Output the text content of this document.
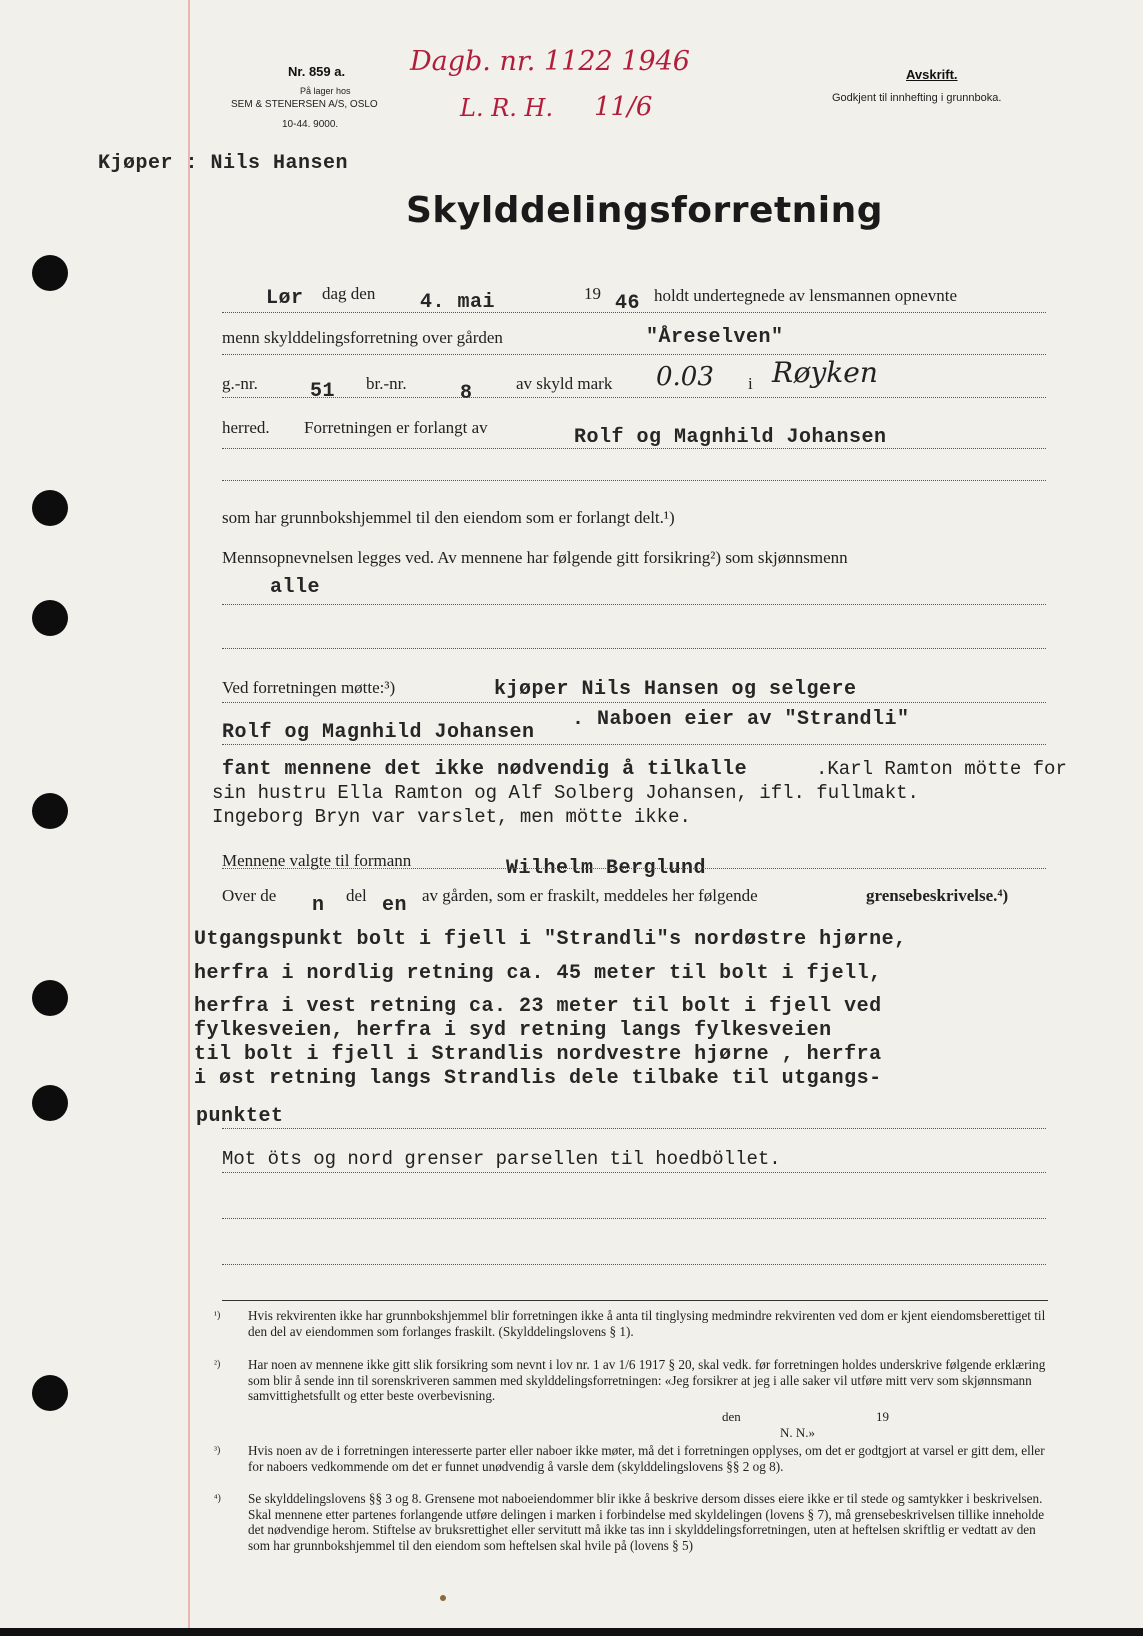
Nr. 859 a.
På lager hos
SEM & STENERSEN A/S, OSLO
10-44. 9000.
Dagb. nr. 1122 1946
L. R. H. 11/6
Avskrift.
Godkjent til innhefting i grunnboka.
Kjøper : Nils Hansen
Skylddelingsforretning
Lør dag den 4. mai	19 46 holdt undertegnede av lensmannen opnevnte
menn skylddelingsforretning over gården	"Åreselven"
g.-nr.	51 br.-nr.	8	av skyld mark 0.03 i Røyken
herred. Forretningen er forlangt av	Rolf og Magnhild Johansen
som har grunnbokshjemmel til den eiendom som er forlangt delt.¹)
Mennsopnevnelsen legges ved. Av mennene har følgende gitt forsikring²) som skjønnsmenn
alle
Ved forretningen møtte:³)	kjøper Nils Hansen og selgere
Rolf og Magnhild Johansen
. Naboen eier av "Strandli"
fant mennene det ikke nødvendig å tilkalle	.Karl Ramton mötte for
sin hustru Ella Ramton og Alf Solberg Johansen, ifl. fullmakt.
Ingeborg Bryn var varslet, men mötte ikke.
Mennene valgte til formann	Wilhelm Berglund
Over de n del en av gården, som er fraskilt, meddeles her følgende	grensebeskrivelse.⁴)
Utgangspunkt bolt i fjell i "Strandli"s nordøstre hjørne,
herfra i nordlig retning ca. 45 meter til bolt i fjell,
herfra i vest retning ca. 23 meter til bolt i fjell ved
fylkesveien, herfra i syd retning langs fylkesveien
til bolt i fjell i Strandlis nordvestre hjørne , herfra
i øst retning langs Strandlis dele tilbake til utgangs-
punktet
Mot öts og nord grenser parsellen til hoedböllet.
¹)	Hvis rekvirenten ikke har grunnbokshjemmel blir forretningen ikke å anta til tinglysing medmindre rekvirenten ved dom er kjent eiendomsberettiget til den del av eiendommen som forlanges fraskilt. (Skylddelingslovens § 1).
²)	Har noen av mennene ikke gitt slik forsikring som nevnt i lov nr. 1 av 1/6 1917 § 20, skal vedk. før forretningen holdes underskrive følgende erklæring som blir å sende inn til sorenskriveren sammen med skylddelingsforretningen: «Jeg forsikrer at jeg i alle saker vil utføre mitt verv som skjønnsmann samvittighetsfullt og etter beste overbevisning.
den	19
N. N.»
³)	Hvis noen av de i forretningen interesserte parter eller naboer ikke møter, må det i forretningen opplyses, om det er godtgjort at varsel er gitt dem, eller for naboers vedkommende om det er funnet unødvendig å varsle dem (skylddelingslovens §§ 2 og 8).
⁴)	Se skylddelingslovens §§ 3 og 8. Grensene mot naboeiendommer blir ikke å beskrive dersom disses eiere ikke er til stede og samtykker i beskrivelsen. Skal mennene etter partenes forlangende utføre delingen i marken i forbindelse med skyldelingen (lovens § 7), må grensebeskrivelsen tillike inneholde det nødvendige herom. Stiftelse av bruksrettighet eller servitutt må ikke tas inn i skylddelingsforretningen, uten at heftelsen skriftlig er vedtatt av den som har grunnbokshjemmel til den eiendom som heftelsen skal hvile på (lovens § 5)
